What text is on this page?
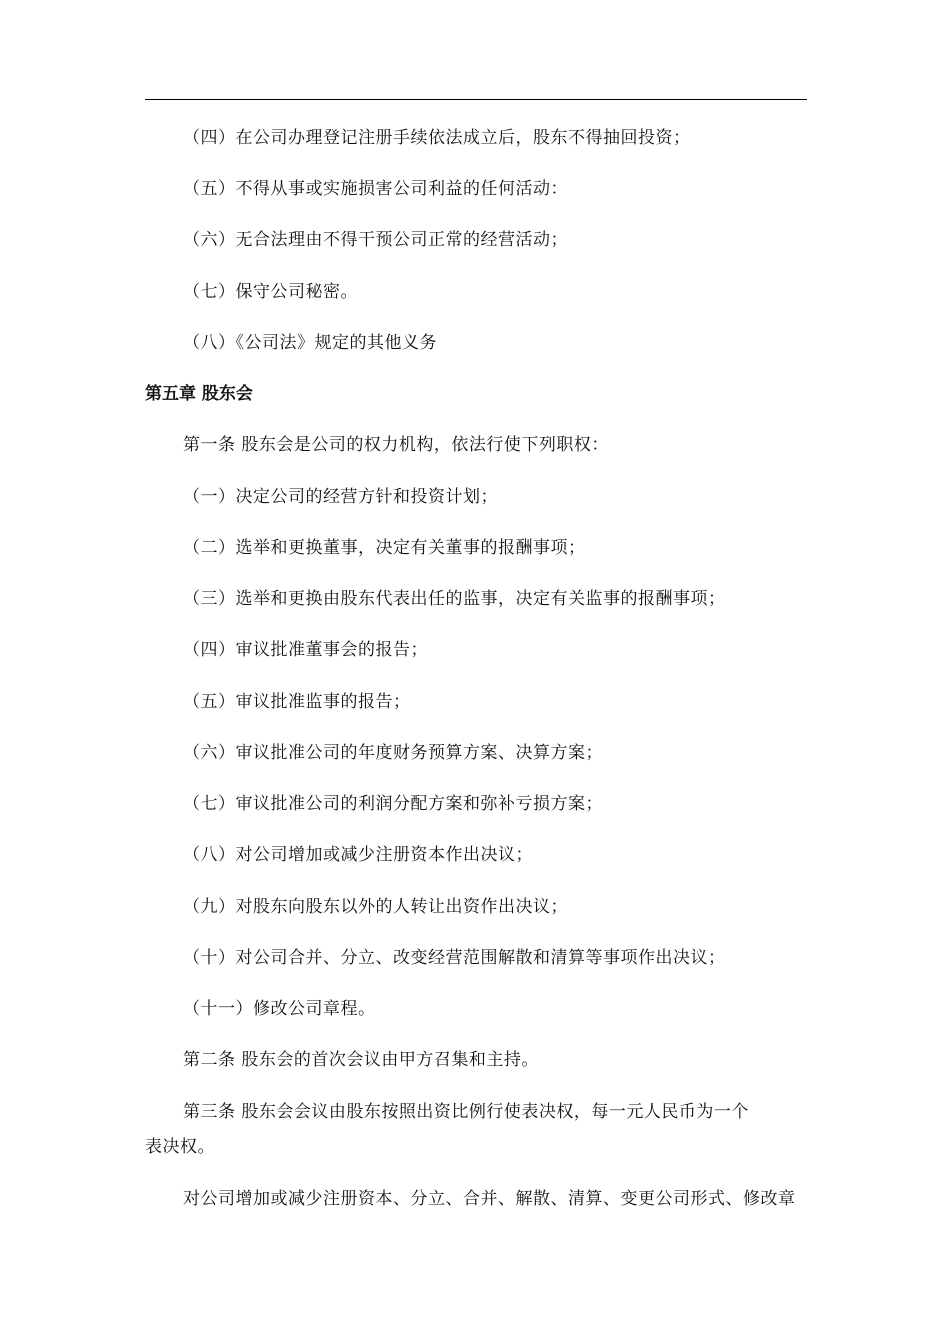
（四）在公司办理登记注册手续依法成立后，股东不得抽回投资；
（五）不得从事或实施损害公司利益的任何活动：
（六）无合法理由不得干预公司正常的经营活动；
（七）保守公司秘密。
（八）《公司法》规定的其他义务
第五章 股东会
第一条 股东会是公司的权力机构，依法行使下列职权：
（一）决定公司的经营方针和投资计划；
（二）选举和更换董事，决定有关董事的报酬事项；
（三）选举和更换由股东代表出任的监事，决定有关监事的报酬事项；
（四）审议批准董事会的报告；
（五）审议批准监事的报告；
（六）审议批准公司的年度财务预算方案、决算方案；
（七）审议批准公司的利润分配方案和弥补亏损方案；
（八）对公司增加或减少注册资本作出决议；
（九）对股东向股东以外的人转让出资作出决议；
（十）对公司合并、分立、改变经营范围解散和清算等事项作出决议；
（十一）修改公司章程。
第二条 股东会的首次会议由甲方召集和主持。
第三条 股东会会议由股东按照出资比例行使表决权，每一元人民币为一个
表决权。
对公司增加或减少注册资本、分立、合并、解散、清算、变更公司形式、修改章
